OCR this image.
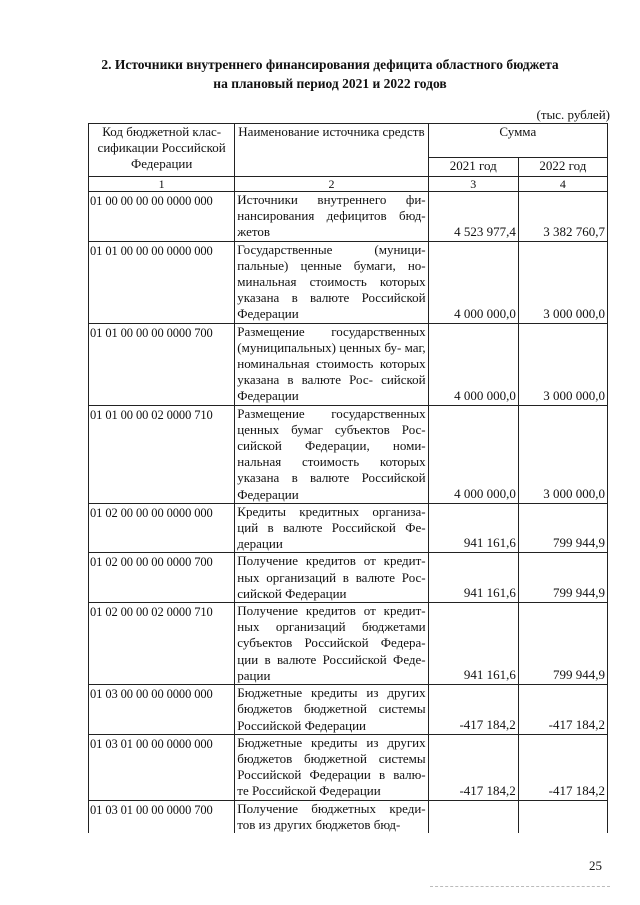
2. Источники внутреннего финансирования дефицита областного бюджета
на плановый период 2021 и 2022 годов
(тыс. рублей)
Код бюджетной клас- сификации Российской Федерации	Наименование источника средств	Сумма	
		2021 год	2022 год
1	2	3	4
01 00 00 00 00 0000 000	Источники внутреннего фи- нансирования дефицитов бюд- жетов	4 523 977,4	3 382 760,7
01 01 00 00 00 0000 000	Государственные (муници- пальные) ценные бумаги, но- минальная стоимость которых указана в валюте Российской Федерации	4 000 000,0	3 000 000,0
01 01 00 00 00 0000 700	Размещение государственных (муниципальных) ценных бу- маг, номинальная стоимость которых указана в валюте Рос- сийской Федерации	4 000 000,0	3 000 000,0
01 01 00 00 02 0000 710	Размещение государственных ценных бумаг субъектов Рос- сийской Федерации, номи- нальная стоимость которых указана в валюте Российской Федерации	4 000 000,0	3 000 000,0
01 02 00 00 00 0000 000	Кредиты кредитных организа- ций в валюте Российской Фе- дерации	941 161,6	799 944,9
01 02 00 00 00 0000 700	Получение кредитов от кредит- ных организаций в валюте Рос- сийской Федерации	941 161,6	799 944,9
01 02 00 00 02 0000 710	Получение кредитов от кредит- ных организаций бюджетами субъектов Российской Федера- ции в валюте Российской Феде- рации	941 161,6	799 944,9
01 03 00 00 00 0000 000	Бюджетные кредиты из других бюджетов бюджетной системы Российской Федерации	-417 184,2	-417 184,2
01 03 01 00 00 0000 000	Бюджетные кредиты из других бюджетов бюджетной системы Российской Федерации в валю- те Российской Федерации	-417 184,2	-417 184,2
01 03 01 00 00 0000 700	Получение бюджетных креди- тов из других бюджетов бюд-		
25
